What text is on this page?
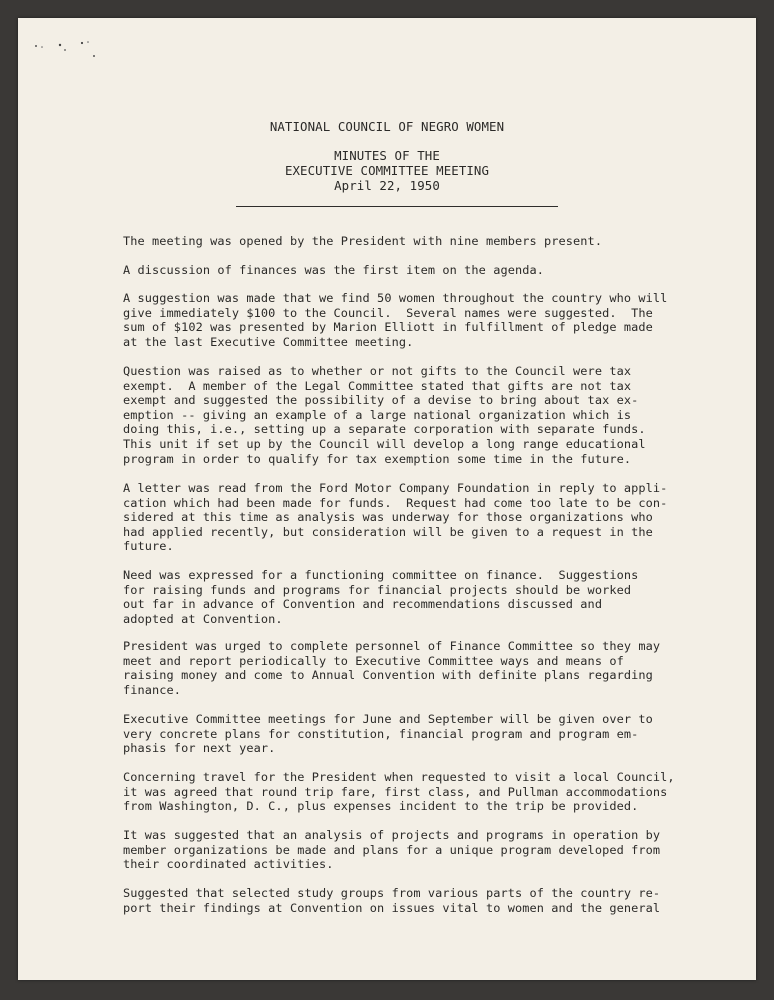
NATIONAL COUNCIL OF NEGRO WOMEN
MINUTES OF THE
EXECUTIVE COMMITTEE MEETING
April 22, 1950
The meeting was opened by the President with nine members present.
A discussion of finances was the first item on the agenda.
A suggestion was made that we find 50 women throughout the country who will
give immediately $100 to the Council.  Several names were suggested.  The
sum of $102 was presented by Marion Elliott in fulfillment of pledge made
at the last Executive Committee meeting.
Question was raised as to whether or not gifts to the Council were tax
exempt.  A member of the Legal Committee stated that gifts are not tax
exempt and suggested the possibility of a devise to bring about tax ex-
emption -- giving an example of a large national organization which is
doing this, i.e., setting up a separate corporation with separate funds.
This unit if set up by the Council will develop a long range educational
program in order to qualify for tax exemption some time in the future.
A letter was read from the Ford Motor Company Foundation in reply to appli-
cation which had been made for funds.  Request had come too late to be con-
sidered at this time as analysis was underway for those organizations who
had applied recently, but consideration will be given to a request in the
future.
Need was expressed for a functioning committee on finance.  Suggestions
for raising funds and programs for financial projects should be worked
out far in advance of Convention and recommendations discussed and
adopted at Convention.
President was urged to complete personnel of Finance Committee so they may
meet and report periodically to Executive Committee ways and means of
raising money and come to Annual Convention with definite plans regarding
finance.
Executive Committee meetings for June and September will be given over to
very concrete plans for constitution, financial program and program em-
phasis for next year.
Concerning travel for the President when requested to visit a local Council,
it was agreed that round trip fare, first class, and Pullman accommodations
from Washington, D. C., plus expenses incident to the trip be provided.
It was suggested that an analysis of projects and programs in operation by
member organizations be made and plans for a unique program developed from
their coordinated activities.
Suggested that selected study groups from various parts of the country re-
port their findings at Convention on issues vital to women and the general
